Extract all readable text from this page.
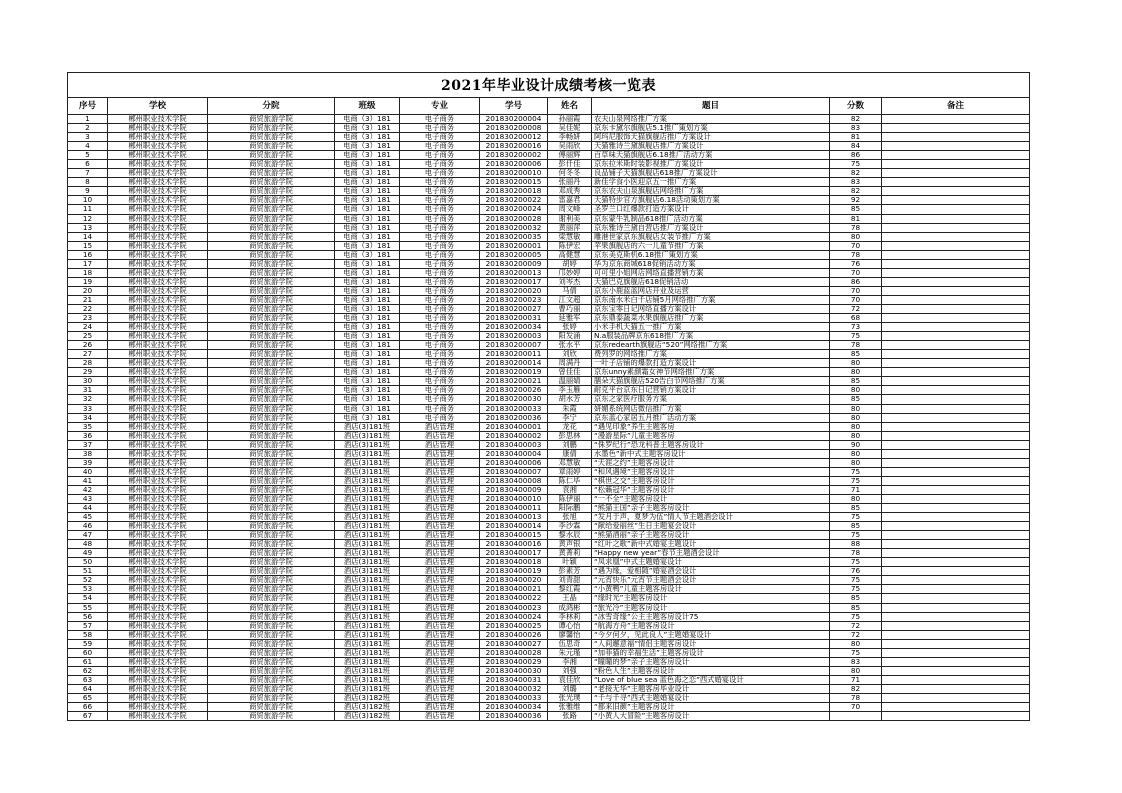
2021年毕业设计成绩考核一览表
序号	学校	分院	班级	专业	学号	姓名	题目	分数	备注
1	郴州职业技术学院	商贸旅游学院	电商（3）181	电子商务	201830200004	孙丽霞	农夫山泉网络推广方案	82
2	郴州职业技术学院	商贸旅游学院	电商（3）181	电子商务	201830200008	吴佳妮	京东卡黛尔旗舰店5.1推广策划方案	83
3	郴州职业技术学院	商贸旅游学院	电商（3）181	电子商务	201830200012	李畅妍	阿玛尼服饰天猫旗舰店推广方案设计	81
4	郴州职业技术学院	商贸旅游学院	电商（3）181	电子商务	201830200016	吴雨欣	天猫雅诗兰黛旗舰店推广方案设计	84
5	郴州职业技术学院	商贸旅游学院	电商（3）181	电子商务	201830200002	傅丽辉	百草味天猫旗舰店6.18推广活动方案	86
6	郴州职业技术学院	商贸旅游学院	电商（3）181	电子商务	201830200006	彭仟佳	京东拉米斯时装影视推广方案设计	75
7	郴州职业技术学院	商贸旅游学院	电商（3）181	电子商务	201830200010	何冬冬	良品铺子天猫旗舰店618推广方案设计	82
8	郴州职业技术学院	商贸旅游学院	电商（3）181	电子商务	201830200015	张丽丹	新佳学食小医迎京五一推广方案	83
9	郴州职业技术学院	商贸旅游学院	电商（3）181	电子商务	201830200018	邓成秀	京东农夫山泉旗舰店网络推广方案	82
10	郴州职业技术学院	商贸旅游学院	电商（3）181	电子商务	201830200022	雷嘉君	天猫特步官方旗舰店6.18活动策划方案	92
11	郴州职业技术学院	商贸旅游学院	电商（3）181	电子商务	201830200024	周文峰	圣罗兰口红爆款打造方案设计	85
12	郴州职业技术学院	商贸旅游学院	电商（3）181	电子商务	201830200028	谢利美	京东蒙牛乳制品618推广活动方案	81
13	郴州职业技术学院	商贸旅游学院	电商（3）181	电子商务	201830200032	黄丽萍	京东雅诗兰黛自营店推广方案设计	78
14	郴州职业技术学院	商贸旅游学院	电商（3）181	电子商务	201830200035	梁慧敏	雕港世家京东旗舰店女装节推广方案	80
15	郴州职业技术学院	商贸旅游学院	电商（3）181	电子商务	201830200001	陈伊宏	苹果旗舰店的六一儿童节推广方案	70
16	郴州职业技术学院	商贸旅游学院	电商（3）181	电子商务	201830200005	高健慧	京东美克斯机6.18推广策划方案	78
17	郴州职业技术学院	商贸旅游学院	电商（3）181	电子商务	201830200009	胡婷	华为京东商城618促销活动方案	76
18	郴州职业技术学院	商贸旅游学院	电商（3）181	电子商务	201830200013	邝妙婷	可可里小姐网店网络直播营销方案	70
19	郴州职业技术学院	商贸旅游学院	电商（3）181	电子商务	201830200017	刘岑杰	天猫巴克旗舰店618促销活动	86
20	郴州职业技术学院	商贸旅游学院	电商（3）181	电子商务	201830200020	马倩	京东小鹿蓝蓝网店开业及运营	70
21	郴州职业技术学院	商贸旅游学院	电商（3）181	电子商务	201830200023	江文超	京东南水米白千店铺5月网络推广方案	70
22	郴州职业技术学院	商贸旅游学院	电商（3）181	电子商务	201830200027	曹巧丽	京东宝零日记网络直播方案设计	72
23	郴州职业技术学院	商贸旅游学院	电商（3）181	电子商务	201830200031	延雅军	京东鼎泰蔬菜水果旗舰店推广方案	68
24	郴州职业技术学院	商贸旅游学院	电商（3）181	电子商务	201830200034	张婷	小米手机天猫五一推广方案	73
25	郴州职业技术学院	商贸旅游学院	电商（3）181	电子商务	201830200003	阳发涌	N.a服装品牌京东618推广方案	75
26	郴州职业技术学院	商贸旅游学院	电商（3）181	电子商务	201830200007	张水平	京东redearth旗舰店“520”网络推广方案	78
27	郴州职业技术学院	商贸旅游学院	电商（3）181	电子商务	201830200011	刘欣	费列罗的网络推广方案	85
28	郴州职业技术学院	商贸旅游学院	电商（3）181	电子商务	201830200014	周满丹	一叶子店铺的爆款打造方案设计	80
29	郴州职业技术学院	商贸旅游学院	电商（3）181	电子商务	201830200019	曾佳佳	京东unny素颜霜女神节网络推广方案	80
30	郴州职业技术学院	商贸旅游学院	电商（3）181	电子商务	201830200021	温丽婧	膳朵天猫旗舰店520告白节网络推广方案	85
31	郴州职业技术学院	商贸旅游学院	电商（3）181	电子商务	201830200026	李玉雁	耐克平台京东日记营销方案设计	80
32	郴州职业技术学院	商贸旅游学院	电商（3）181	电子商务	201830200030	胡水芳	京东之家医疗服务方案	85
33	郴州职业技术学院	商贸旅游学院	电商（3）181	电子商务	201830200033	朱霞	妍媚系统网店微信推广方案	80
34	郴州职业技术学院	商贸旅游学院	电商（3）181	电子商务	201830200036	李宁	京东蓝心家居五月推广活动方案	80
35	郴州职业技术学院	商贸旅游学院	酒店(3)181班	酒店管理	201830400001	龙花	“遇见印象”养生主题客房	80
36	郴州职业技术学院	商贸旅游学院	酒店(3)181班	酒店管理	201830400002	彭思林	“漫游星际”儿童主题客房	80
37	郴州职业技术学院	商贸旅游学院	酒店(3)181班	酒店管理	201830400003	刘鹏	“侏罗纪行”恐龙科普主题客房设计	90
38	郴州职业技术学院	商贸旅游学院	酒店(3)181班	酒店管理	201830400004	康倩	水墨色”新中式主题客房设计	80
39	郴州职业技术学院	商贸旅游学院	酒店(3)181班	酒店管理	201830400006	邓慧敏	“天涯之约”主题客房设计	80
40	郴州职业技术学院	商贸旅游学院	酒店(3)181班	酒店管理	201830400007	章雨婷	“和风遇境”主题客房设计	75
41	郴州职业技术学院	商贸旅游学院	酒店(3)181班	酒店管理	201830400008	陈仁毕	“棋世之交”主题客房设计	75
42	郴州职业技术学院	商贸旅游学院	酒店(3)181班	酒店管理	201830400009	袁湘	“松籁冠华”主题客房设计	71
43	郴州职业技术学院	商贸旅游学院	酒店(3)181班	酒店管理	201830400010	陈伊丽	“一不全”主题客房设计	80
44	郴州职业技术学院	商贸旅游学院	酒店(3)181班	酒店管理	201830400011	阳际鹏	“熊猫王国”亲子主题客房设计	85
45	郴州职业技术学院	商贸旅游学院	酒店(3)181班	酒店管理	201830400013	张旭	“发月于声，夏梦为伍”情人节主题酒会设计	75
46	郴州职业技术学院	商贸旅游学院	酒店(3)181班	酒店管理	201830400014	李沙霖	“献给爱丽丝”生日主题宴会设计	85
47	郴州职业技术学院	商贸旅游学院	酒店(3)181班	酒店管理	201830400015	黎水辰	“熊猫酒丽”亲子主题客房设计	75
48	郴州职业技术学院	商贸旅游学院	酒店(3)181班	酒店管理	201830400016	黄声银	“红叶之歌”新中式婚宴主题设计	88
49	郴州职业技术学院	商贸旅游学院	酒店(3)181班	酒店管理	201830400017	黄菁莉	“Happy new year”春节主题酒会设计	78
50	郴州职业技术学院	商贸旅游学院	酒店(3)181班	酒店管理	201830400018	叶颖	“凤求凰”中式主题婚宴设计	75
51	郴州职业技术学院	商贸旅游学院	酒店(3)181班	酒店管理	201830400019	彭素芳	“遇为缘，爱相随”婚宴酒会设计	76
52	郴州职业技术学院	商贸旅游学院	酒店(3)181班	酒店管理	201830400020	刘青甜	“元宵快乐”元宵节主题酒会设计	75
53	郴州职业技术学院	商贸旅游学院	酒店(3)181班	酒店管理	201830400021	黎红霞	“小黄鸭”儿童主题客房设计	75
54	郴州职业技术学院	商贸旅游学院	酒店(3)181班	酒店管理	201830400022	王晶	“缘时光”主题客房设计	85
55	郴州职业技术学院	商贸旅游学院	酒店(3)181班	酒店管理	201830400023	成鸿彬	“旅光冷”主题客房设计	85
56	郴州职业技术学院	商贸旅游学院	酒店(3)181班	酒店管理	201830400024	李林莉	“冰雪奇缘”公主主题客房设计75	75
57	郴州职业技术学院	商贸旅游学院	酒店(3)181班	酒店管理	201830400025	谭心怡	“航海方舟”主题客房设计	72
58	郴州职业技术学院	商贸旅游学院	酒店(3)181班	酒店管理	201830400026	廖馨怡	“今夕何夕，见此良人”主题婚宴设计	72
59	郴州职业技术学院	商贸旅游学院	酒店(3)181班	酒店管理	201830400027	伍思奇	“人间邂意福”情侣主题客房设计	80
60	郴州职业技术学院	商贸旅游学院	酒店(3)181班	酒店管理	201830400028	朱元瑾	“加菲猫的幸福生活”主题客房设计	75
61	郴州职业技术学院	商贸旅游学院	酒店(3)181班	酒店管理	201830400029	李湘	“瞳瞳的梦”亲子主题客房设计	83
62	郴州职业技术学院	商贸旅游学院	酒店(3)181班	酒店管理	201830400030	刘强	“粉色人生”主题客房设计	80
63	郴州职业技术学院	商贸旅游学院	酒店(3)181班	酒店管理	201830400031	袁佳欣	“Love of blue sea 蓝色海之恋”西式婚宴设计	71
64	郴州职业技术学院	商贸旅游学院	酒店(3)181班	酒店管理	201830400032	刘璐	“老接无华”主题客房毕业设计	82
65	郴州职业技术学院	商贸旅游学院	酒店(3)182班	酒店管理	201830400033	张光璞	“千与千寻”西式主题婚宴设计	78
66	郴州职业技术学院	商贸旅游学院	酒店(3)182班	酒店管理	201830400034	张雅维	“都来旧颜”主题客房设计	70
67	郴州职业技术学院	商贸旅游学院	酒店(3)182班	酒店管理	201830400036	张路	“小黄人大冒险”主题客房设计
